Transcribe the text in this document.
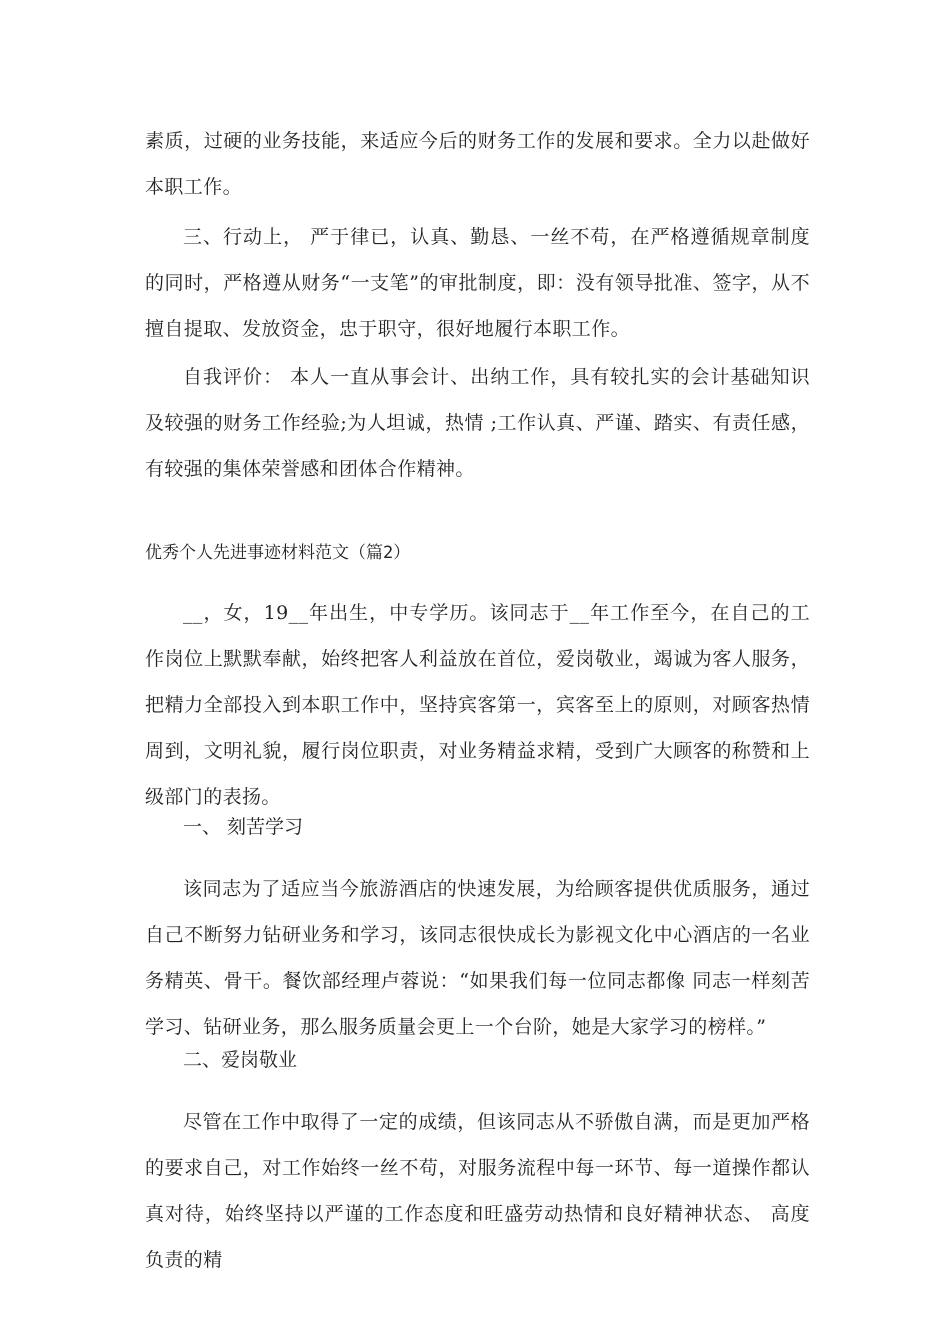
素质，过硬的业务技能，来适应今后的财务工作的发展和要求。全力以赴做好本职工作。

三、行动上， 严于律已，认真、勤恳、一丝不苟，在严格遵循规章制度的同时，严格遵从财务“一支笔”的审批制度，即：没有领导批准、签字，从不擅自提取、发放资金，忠于职守，很好地履行本职工作。

自我评价： 本人一直从事会计、出纳工作，具有较扎实的会计基础知识及较强的财务工作经验;为人坦诚，热情 ;工作认真、严谨、踏实、有责任感，有较强的集体荣誉感和团体合作精神。

优秀个人先进事迹材料范文（篇2）

__，女，19__年出生，中专学历。该同志于__年工作至今，在自己的工作岗位上默默奉献，始终把客人利益放在首位，爱岗敬业，竭诚为客人服务，把精力全部投入到本职工作中，坚持宾客第一，宾客至上的原则，对顾客热情周到，文明礼貌，履行岗位职责，对业务精益求精，受到广大顾客的称赞和上级部门的表扬。

一、 刻苦学习

该同志为了适应当今旅游酒店的快速发展，为给顾客提供优质服务，通过自己不断努力钻研业务和学习，该同志很快成长为影视文化中心酒店的一名业务精英、骨干。餐饮部经理卢蓉说：“如果我们每一位同志都像 同志一样刻苦学习、钻研业务，那么服务质量会更上一个台阶，她是大家学习的榜样。”

二、爱岗敬业

尽管在工作中取得了一定的成绩，但该同志从不骄傲自满，而是更加严格的要求自己，对工作始终一丝不苟，对服务流程中每一环节、每一道操作都认真对待，始终坚持以严谨的工作态度和旺盛劳动热情和良好精神状态、 高度负责的精
